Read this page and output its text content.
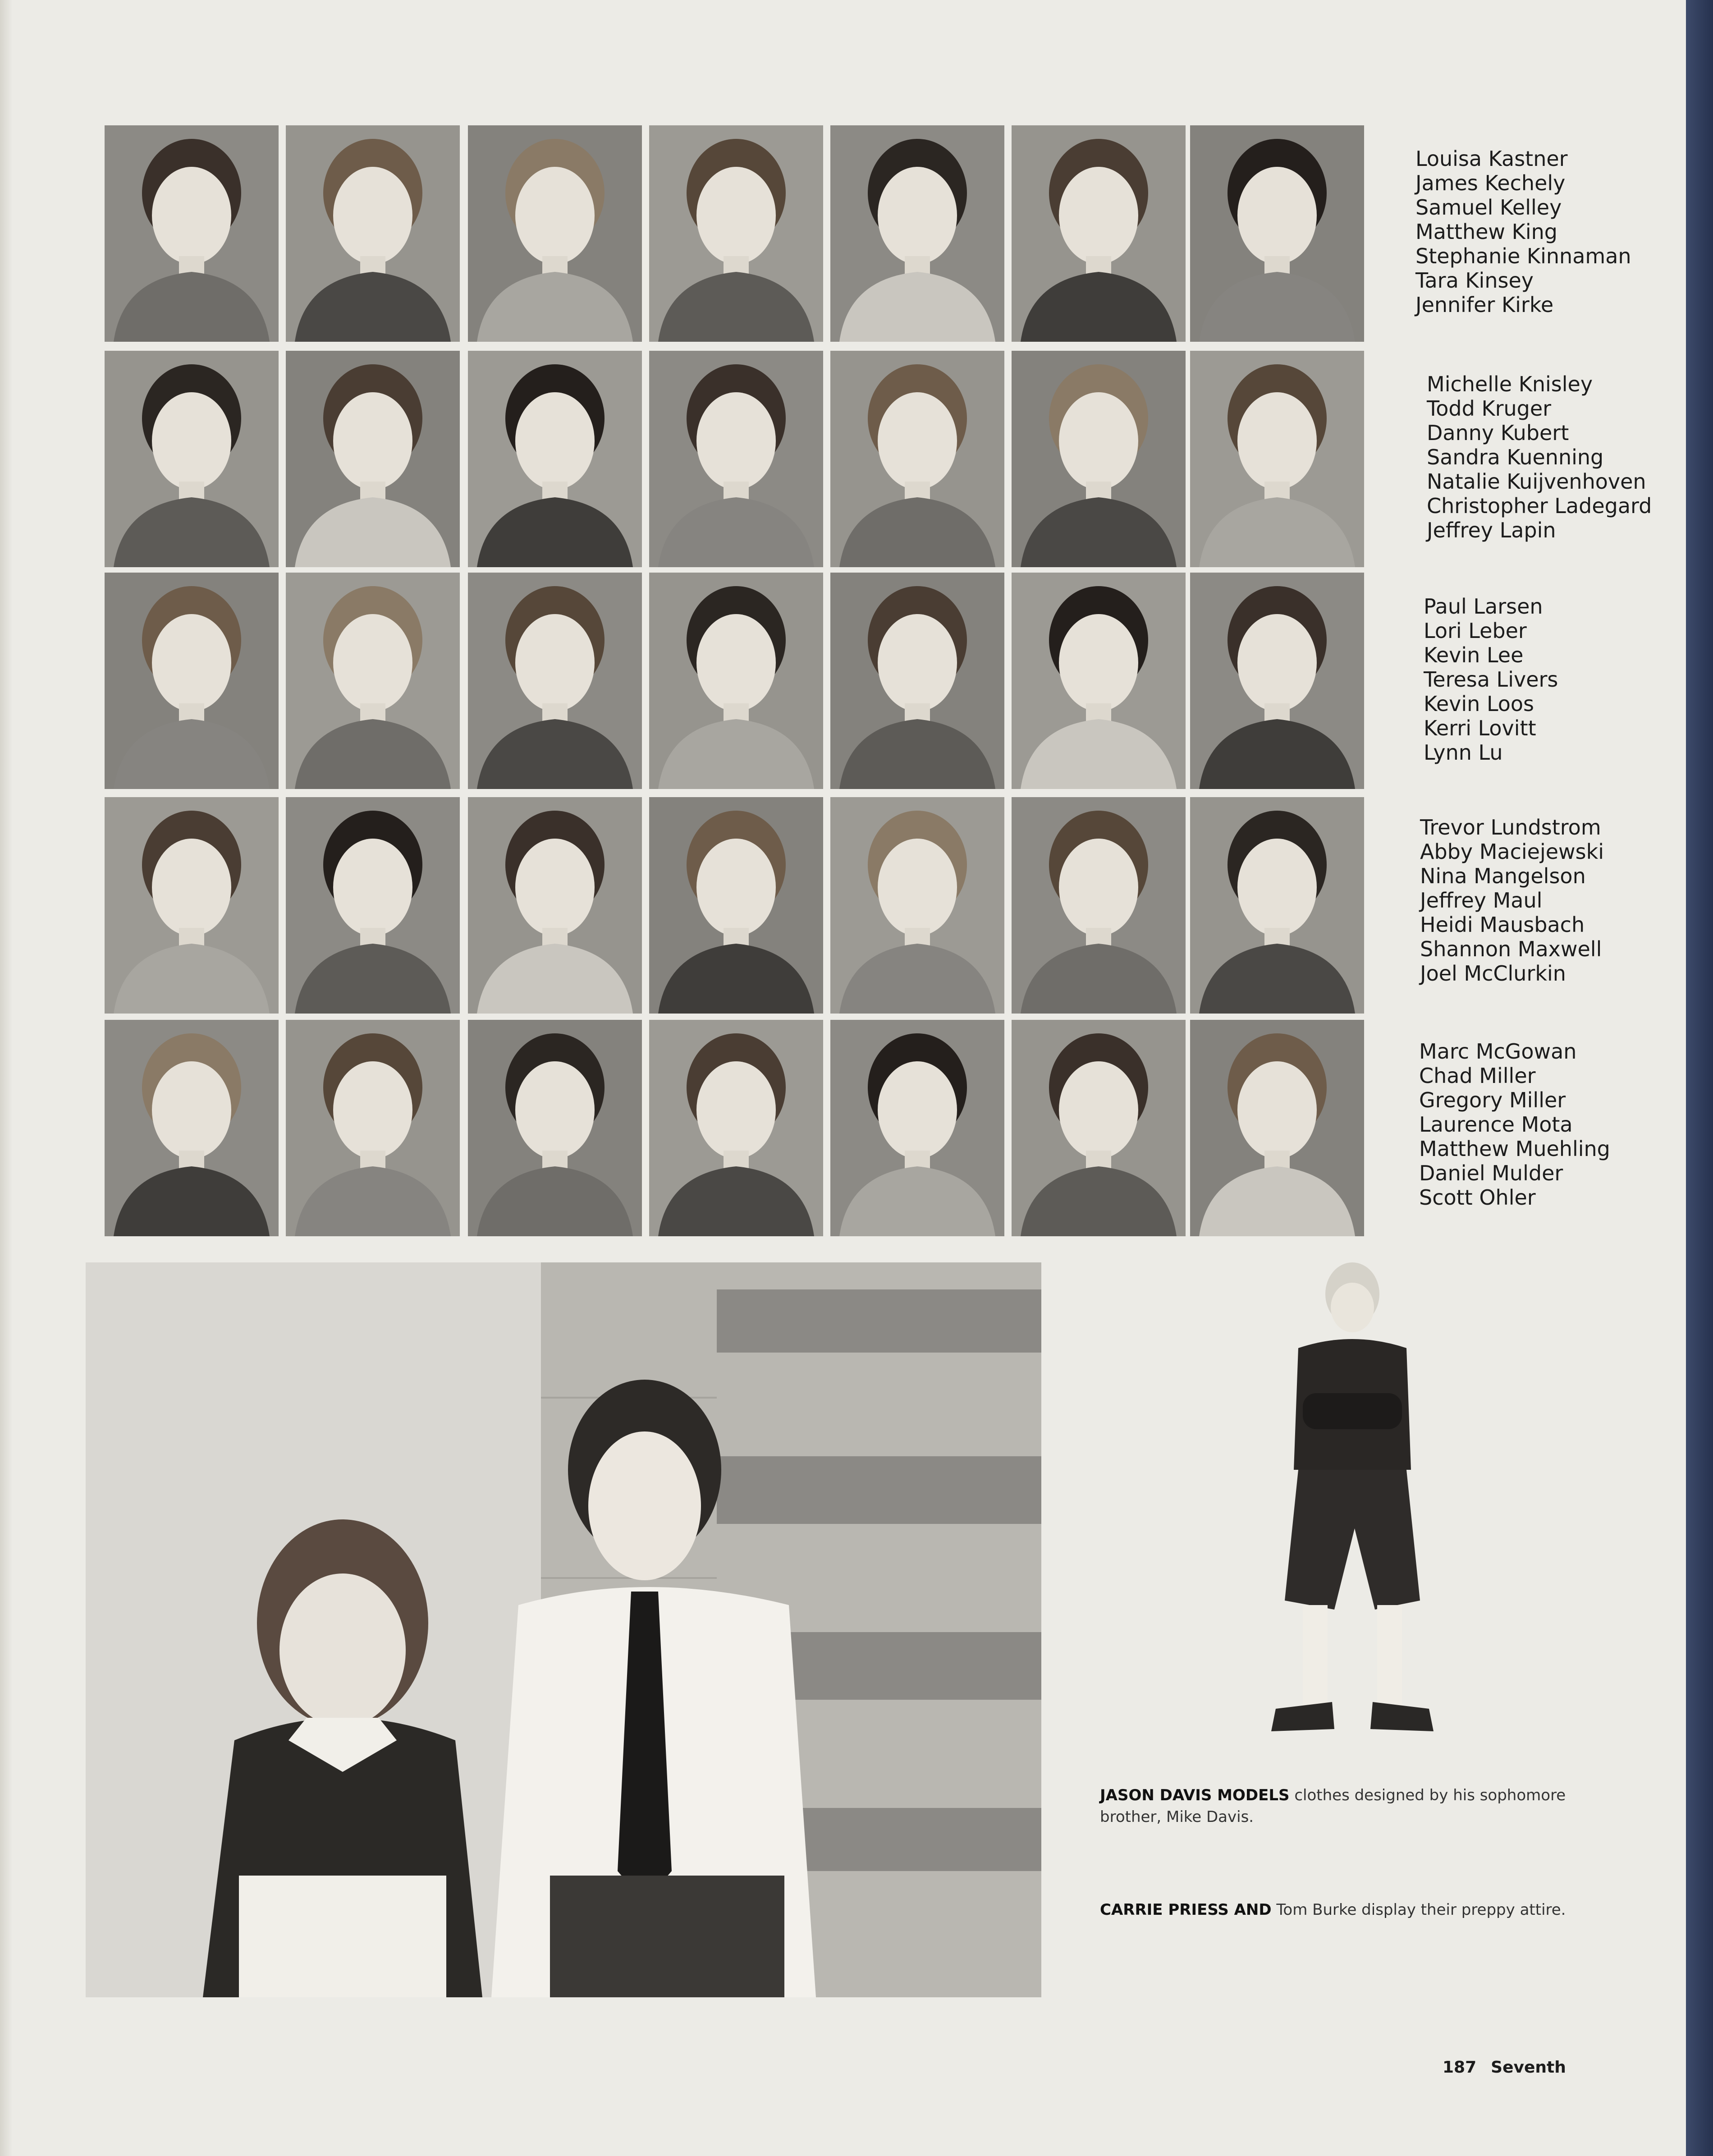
Louisa Kastner
James Kechely
Samuel Kelley
Matthew King
Stephanie Kinnaman
Tara Kinsey
Jennifer Kirke
Michelle Knisley
Todd Kruger
Danny Kubert
Sandra Kuenning
Natalie Kuijvenhoven
Christopher Ladegard
Jeffrey Lapin
Paul Larsen
Lori Leber
Kevin Lee
Teresa Livers
Kevin Loos
Kerri Lovitt
Lynn Lu
Trevor Lundstrom
Abby Maciejewski
Nina Mangelson
Jeffrey Maul
Heidi Mausbach
Shannon Maxwell
Joel McClurkin
Marc McGowan
Chad Miller
Gregory Miller
Laurence Mota
Matthew Muehling
Daniel Mulder
Scott Ohler
JASON DAVIS MODELS clothes designed by his sophomore brother, Mike Davis.
CARRIE PRIESS AND Tom Burke display their preppy attire.
187 Seventh
